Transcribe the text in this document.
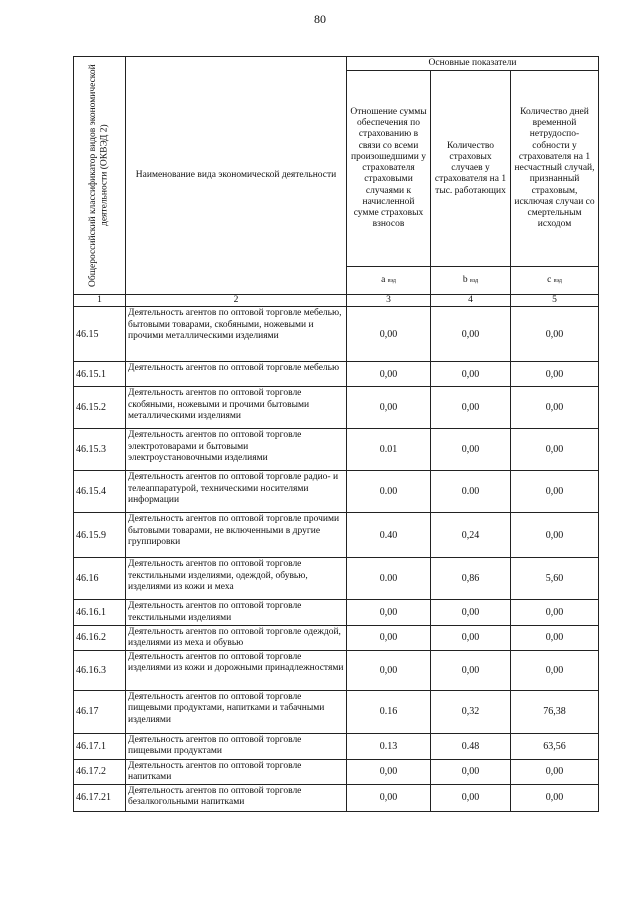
80
Общероссийский классификатор видов экономической деятельности (ОКВЭД 2)	Наименование вида экономической деятельности	Основные показатели		
		Отношение суммы обеспечения по страхованию в связи со всеми произошедшими у страхователя страховыми случаями к начисленной сумме страховых взносов	Количество страховых случаев у страхователя на 1 тыс. работающих	Количество дней временной нетрудоспо-собности у страхователя на 1 несчастный случай, признанный страховым, исключая случаи со смертельным исходом
		a вэд	b вэд	c вэд
1	2	3	4	5
46.15	Деятельность агентов по оптовой торговле мебелью, бытовыми товарами, скобяными, ножевыми и прочими металлическими изделиями	0,00	0,00	0,00
46.15.1	Деятельность агентов по оптовой торговле мебелью	0,00	0,00	0,00
46.15.2	Деятельность агентов по оптовой торговле скобяными, ножевыми и прочими бытовыми металлическими изделиями	0,00	0,00	0,00
46.15.3	Деятельность агентов по оптовой торговле электротоварами и бытовыми электроустановочными изделиями	0.01	0,00	0,00
46.15.4	Деятельность агентов по оптовой торговле радио- и телеаппаратурой, техническими носителями информации	0.00	0.00	0,00
46.15.9	Деятельность агентов по оптовой торговле прочими бытовыми товарами, не включенными в другие группировки	0.40	0,24	0,00
46.16	Деятельность агентов по оптовой торговле текстильными изделиями, одеждой, обувью, изделиями из кожи и меха	0.00	0,86	5,60
46.16.1	Деятельность агентов по оптовой торговле текстильными изделиями	0,00	0,00	0,00
46.16.2	Деятельность агентов по оптовой торговле одеждой, изделиями из меха и обувью	0,00	0,00	0,00
46.16.3	Деятельность агентов по оптовой торговле изделиями из кожи и дорожными принадлежностями	0,00	0,00	0,00
46.17	Деятельность агентов по оптовой торговле пищевыми продуктами, напитками и табачными изделиями	0.16	0,32	76,38
46.17.1	Деятельность агентов по оптовой торговле пищевыми продуктами	0.13	0.48	63,56
46.17.2	Деятельность агентов по оптовой торговле напитками	0,00	0,00	0,00
46.17.21	Деятельность агентов по оптовой торговле безалкогольными напитками	0,00	0,00	0,00
